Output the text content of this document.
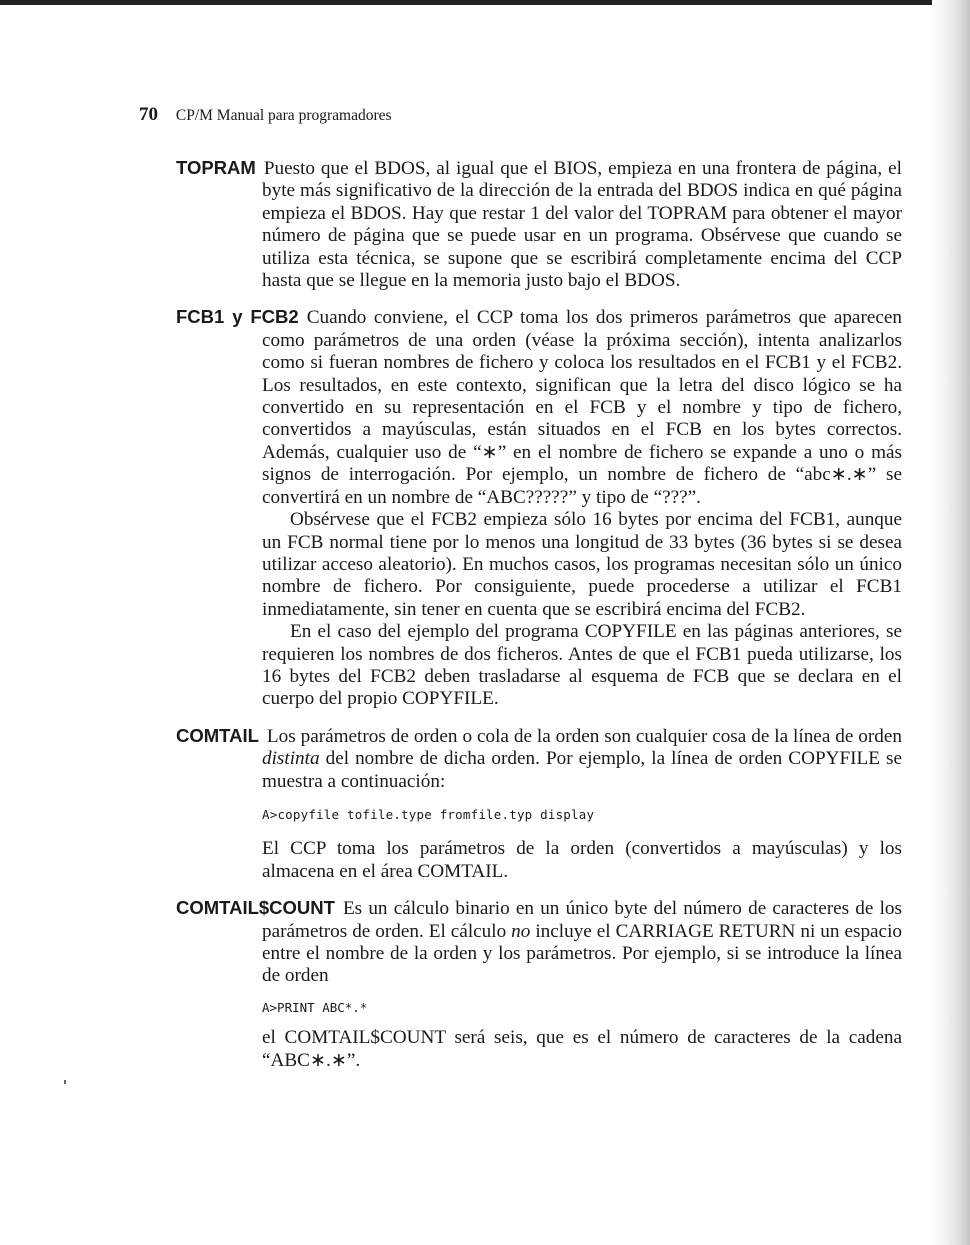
70 CP/M Manual para programadores

TOPRAM Puesto que el BDOS, al igual que el BIOS, empieza en una frontera de página, el byte más significativo de la dirección de la entrada del BDOS indica en qué página empieza el BDOS. Hay que restar 1 del valor del TOPRAM para obtener el mayor número de página que se puede usar en un programa. Obsérvese que cuando se utiliza esta técnica, se supone que se escribirá completamente encima del CCP hasta que se llegue en la memoria justo bajo el BDOS.

FCB1 y FCB2 Cuando conviene, el CCP toma los dos primeros parámetros que aparecen como parámetros de una orden (véase la próxima sección), intenta analizarlos como si fueran nombres de fichero y coloca los resultados en el FCB1 y el FCB2. Los resultados, en este contexto, significan que la letra del disco lógico se ha convertido en su representación en el FCB y el nombre y tipo de fichero, convertidos a mayúsculas, están situados en el FCB en los bytes correctos. Además, cualquier uso de “∗” en el nombre de fichero se expande a uno o más signos de interrogación. Por ejemplo, un nombre de fichero de “abc∗.∗” se convertirá en un nombre de “ABC?????” y tipo de “???”.

Obsérvese que el FCB2 empieza sólo 16 bytes por encima del FCB1, aunque un FCB normal tiene por lo menos una longitud de 33 bytes (36 bytes si se desea utilizar acceso aleatorio). En muchos casos, los programas necesitan sólo un único nombre de fichero. Por consiguiente, puede procederse a utilizar el FCB1 inmediatamente, sin tener en cuenta que se escribirá encima del FCB2.

En el caso del ejemplo del programa COPYFILE en las páginas anteriores, se requieren los nombres de dos ficheros. Antes de que el FCB1 pueda utilizarse, los 16 bytes del FCB2 deben trasladarse al esquema de FCB que se declara en el cuerpo del propio COPYFILE.

COMTAIL Los parámetros de orden o cola de la orden son cualquier cosa de la línea de orden distinta del nombre de dicha orden. Por ejemplo, la línea de orden COPYFILE se muestra a continuación:

A>copyfile tofile.type fromfile.typ display

El CCP toma los parámetros de la orden (convertidos a mayúsculas) y los almacena en el área COMTAIL.

COMTAIL$COUNT Es un cálculo binario en un único byte del número de caracteres de los parámetros de orden. El cálculo no incluye el CARRIAGE RETURN ni un espacio entre el nombre de la orden y los parámetros. Por ejemplo, si se introduce la línea de orden

A>PRINT ABC*.*

el COMTAIL$COUNT será seis, que es el número de caracteres de la cadena “ABC∗.∗”.
